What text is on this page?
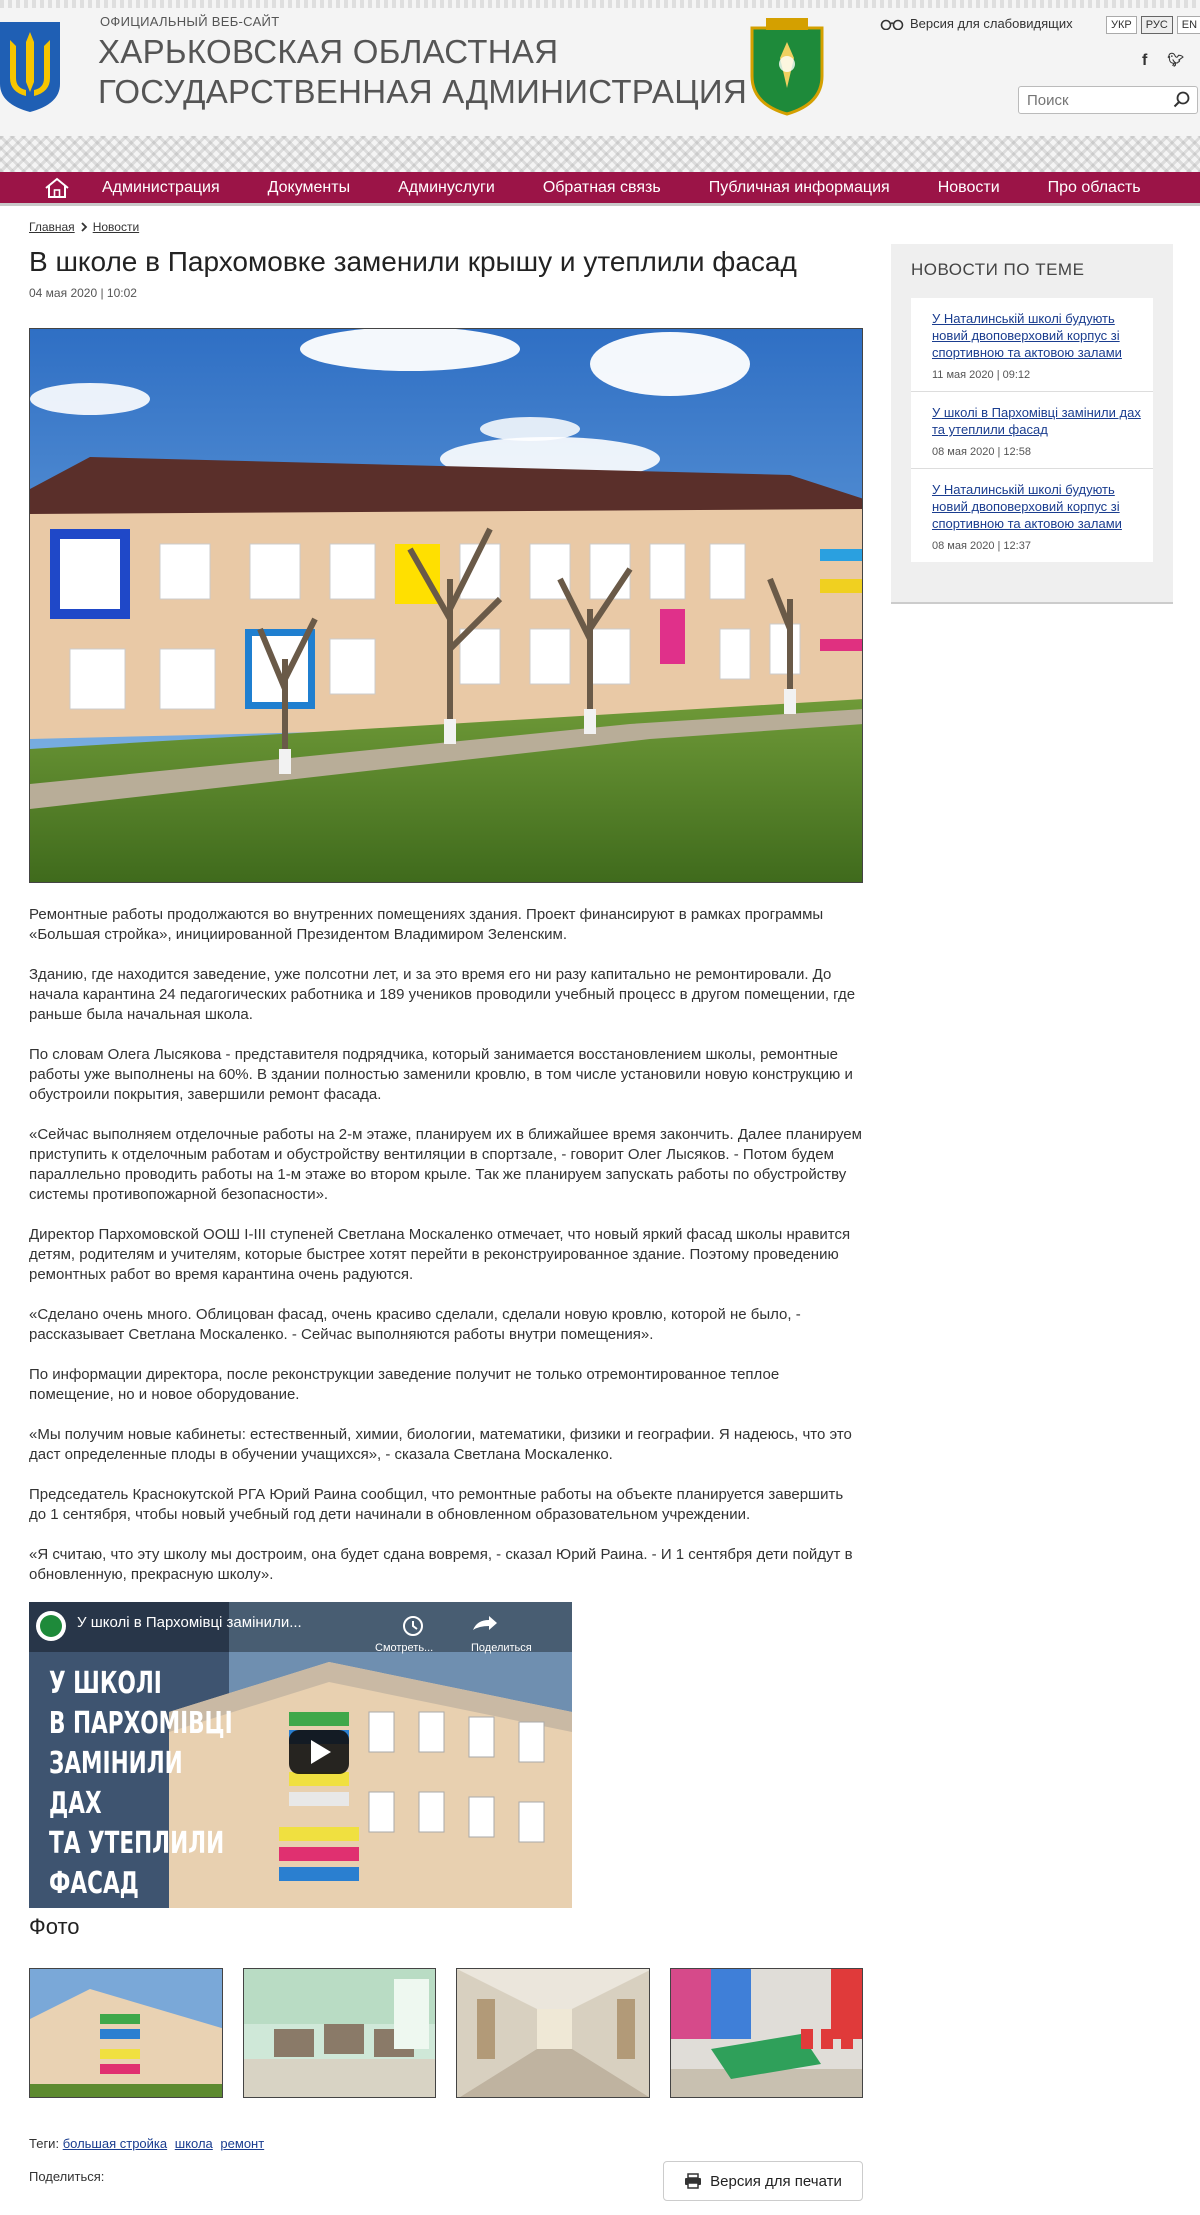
ОФИЦИАЛЬНЫЙ ВЕБ-САЙТ
ХАРЬКОВСКАЯ ОБЛАСТНАЯ
ГОСУДАРСТВЕННАЯ АДМИНИСТРАЦИЯ
Версия для слабовидящих	УКР	РУС	EN
f 🐦︎
Поиск
Администрация	Документы	Админуслуги	Обратная связь	Публичная информация	Новости	Про область
Главная Новости
В школе в Пархомовке заменили крышу и утеплили фасад
04 мая 2020 | 10:02

Ремонтные работы продолжаются во внутренних помещениях здания. Проект финансируют в рамках программы «Большая стройка», инициированной Президентом Владимиром Зеленским.

Зданию, где находится заведение, уже полсотни лет, и за это время его ни разу капитально не ремонтировали. До начала карантина 24 педагогических работника и 189 учеников проводили учебный процесс в другом помещении, где раньше была начальная школа.

По словам Олега Лысякова - представителя подрядчика, который занимается восстановлением школы, ремонтные работы уже выполнены на 60%. В здании полностью заменили кровлю, в том числе установили новую конструкцию и обустроили покрытия, завершили ремонт фасада.

«Сейчас выполняем отделочные работы на 2-м этаже, планируем их в ближайшее время закончить. Далее планируем приступить к отделочным работам и обустройству вентиляции в спортзале, - говорит Олег Лысяков. - Потом будем параллельно проводить работы на 1-м этаже во втором крыле. Так же планируем запускать работы по обустройству системы противопожарной безопасности».

Директор Пархомовской ООШ I-III ступеней Светлана Москаленко отмечает, что новый яркий фасад школы нравится детям, родителям и учителям, которые быстрее хотят перейти в реконструированное здание. Поэтому проведению ремонтных работ во время карантина очень радуются.

«Сделано очень много. Облицован фасад, очень красиво сделали, сделали новую кровлю, которой не было, - рассказывает Светлана Москаленко. - Сейчас выполняются работы внутри помещения».

По информации директора, после реконструкции заведение получит не только отремонтированное теплое помещение, но и новое оборудование.

«Мы получим новые кабинеты: естественный, химии, биологии, математики, физики и географии. Я надеюсь, что это даст определенные плоды в обучении учащихся», - сказала Светлана Москаленко.

Председатель Краснокутской РГА Юрий Раина сообщил, что ремонтные работы на объекте планируется завершить до 1 сентября, чтобы новый учебный год дети начинали в обновленном образовательном учреждении.

«Я считаю, что эту школу мы достроим, она будет сдана вовремя, - сказал Юрий Раина. - И 1 сентября дети пойдут в обновленную, прекрасную школу».

У школі в Пархомівці замінили...
Смотреть...	Поделиться
У ШКОЛІ
В ПАРХОМІВЦІ
ЗАМІНИЛИ
ДАХ
ТА УТЕПЛИЛИ
ФАСАД
Фото
Теги: большая стройка школа ремонт
Поделиться:	Версия для печати
НОВОСТИ ПО ТЕМЕ
У Наталинській школі будують новий двоповерховий корпус зі спортивною та актовою залами
11 мая 2020 | 09:12
У школі в Пархомівці замінили дах та утеплили фасад
08 мая 2020 | 12:58
У Наталинській школі будують новий двоповерховий корпус зі спортивною та актовою залами
08 мая 2020 | 12:37
